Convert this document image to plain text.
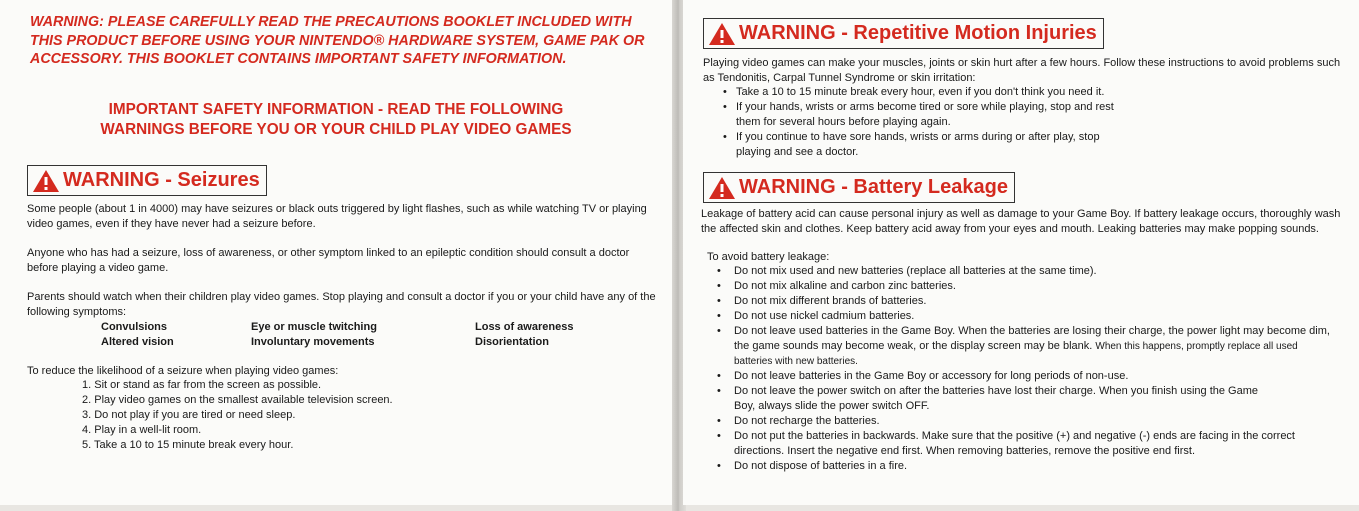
WARNING: PLEASE CAREFULLY READ THE PRECAUTIONS BOOKLET INCLUDED WITH THIS PRODUCT BEFORE USING YOUR NINTENDO® HARDWARE SYSTEM, GAME PAK OR ACCESSORY. THIS BOOKLET CONTAINS IMPORTANT SAFETY INFORMATION.
IMPORTANT SAFETY INFORMATION - READ THE FOLLOWING
WARNINGS BEFORE YOU OR YOUR CHILD PLAY VIDEO GAMES
WARNING - Seizures

Some people (about 1 in 4000) may have seizures or black outs triggered by light flashes, such as while watching TV or playing video games, even if they have never had a seizure before.

Anyone who has had a seizure, loss of awareness, or other symptom linked to an epileptic condition should consult a doctor before playing a video game.

Parents should watch when their children play video games. Stop playing and consult a doctor if you or your child have any of the following symptoms:

Convulsions
Altered vision
Eye or muscle twitching
Involuntary movements
Loss of awareness
Disorientation

To reduce the likelihood of a seizure when playing video games:

1. Sit or stand as far from the screen as possible.
2. Play video games on the smallest available television screen.
3. Do not play if you are tired or need sleep.
4. Play in a well-lit room.
5. Take a 10 to 15 minute break every hour.
WARNING - Repetitive Motion Injuries

Playing video games can make your muscles, joints or skin hurt after a few hours. Follow these instructions to avoid problems such as Tendonitis, Carpal Tunnel Syndrome or skin irritation:

• Take a 10 to 15 minute break every hour, even if you don't think you need it.
• If your hands, wrists or arms become tired or sore while playing, stop and rest them for several hours before playing again.
• If you continue to have sore hands, wrists or arms during or after play, stop playing and see a doctor.
WARNING - Battery Leakage

Leakage of battery acid can cause personal injury as well as damage to your Game Boy. If battery leakage occurs, thoroughly wash the affected skin and clothes. Keep battery acid away from your eyes and mouth. Leaking batteries may make popping sounds.

To avoid battery leakage:

• Do not mix used and new batteries (replace all batteries at the same time).
• Do not mix alkaline and carbon zinc batteries.
• Do not mix different brands of batteries.
• Do not use nickel cadmium batteries.
• Do not leave used batteries in the Game Boy. When the batteries are losing their charge, the power light may become dim, the game sounds may become weak, or the display screen may be blank. When this happens, promptly replace all used batteries with new batteries.
• Do not leave batteries in the Game Boy or accessory for long periods of non-use.
• Do not leave the power switch on after the batteries have lost their charge. When you finish using the Game Boy, always slide the power switch OFF.
• Do not recharge the batteries.
• Do not put the batteries in backwards. Make sure that the positive (+) and negative (-) ends are facing in the correct directions. Insert the negative end first. When removing batteries, remove the positive end first.
• Do not dispose of batteries in a fire.
